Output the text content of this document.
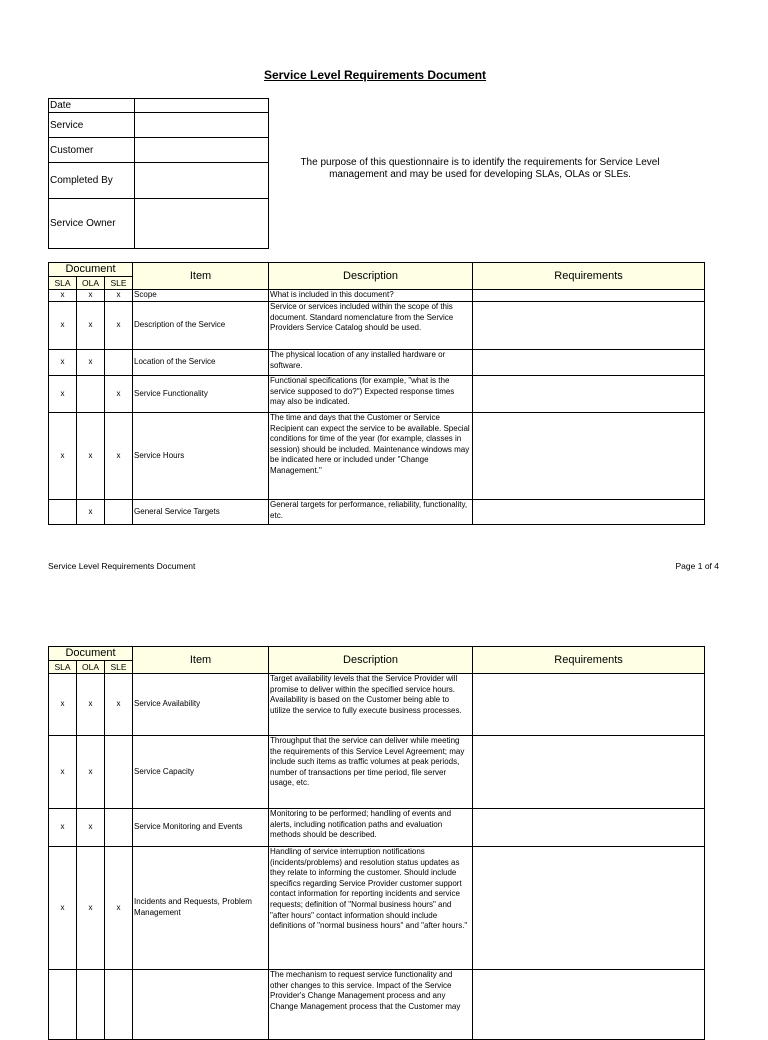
Service Level Requirements Document
Date	
Service	
Customer	
Completed By	
Service Owner	
The purpose of this questionnaire is to identify the requirements for Service Level management and may be used for developing SLAs, OLAs or SLEs.
Document			Item	Description	Requirements
SLA	OLA	SLE			
x	x	x	Scope	What is included in this document?	
x	x	x	Description of the Service	Service or services included within the scope of this document. Standard nomenclature from the Service Providers Service Catalog should be used.	
x	x		Location of the Service	The physical location of any installed hardware or software.	
x		x	Service Functionality	Functional specifications (for example, "what is the service supposed to do?") Expected response times may also be indicated.	
x	x	x	Service Hours	The time and days that the Customer or Service Recipient can expect the service to be available. Special conditions for time of the year (for example, classes in session) should be included. Maintenance windows may be indicated here or included under "Change Management."	
	x		General Service Targets	General targets for performance, reliability, functionality, etc.	
Service Level Requirements Document	Page 1 of 4
Document			Item	Description	Requirements
SLA	OLA	SLE			
x	x	x	Service Availability	Target availability levels that the Service Provider will promise to deliver within the specified service hours. Availability is based on the Customer being able to utilize the service to fully execute business processes.	
x	x		Service Capacity	Throughput that the service can deliver while meeting the requirements of this Service Level Agreement; may include such items as traffic volumes at peak periods, number of transactions per time period, file server usage, etc.	
x	x		Service Monitoring and Events	Monitoring to be performed; handling of events and alerts, including notification paths and evaluation methods should be described.	
x	x	x	Incidents and Requests, Problem Management	Handling of service interruption notifications (incidents/problems) and resolution status updates as they relate to informing the customer. Should include specifics regarding Service Provider customer support contact information for reporting incidents and service requests; definition of "Normal business hours" and "after hours" contact information should include definitions of "normal business hours" and "after hours."	
				The mechanism to request service functionality and other changes to this service. Impact of the Service Provider's Change Management process and any Change Management process that the Customer may	
